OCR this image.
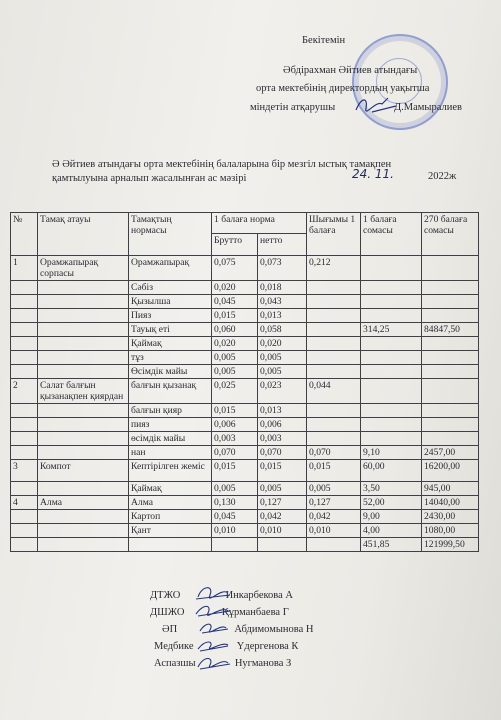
Бекітемін
Әбдірахман Әйтиев атындағы
орта мектебінің директордың уақытша
міндетін атқарушы	Д.Мамыралиев
Ә Әйтиев атындағы орта мектебінің балаларына бір мезгіл ыстық тамақпен
қамтылуына арналып жасалынған ас мәзірі	24. 11.	2022ж
№	Тамақ атауы	Тамақтың нормасы	1 балаға норма		Шығымы 1 балаға	1 балаға сомасы	270 балаға сомасы
			Брутто	нетто			
1	Орамжапырақ сорпасы	Орамжапырақ	0,075	0,073	0,212		
		Сәбіз	0,020	0,018			
		Қызылша	0,045	0,043			
		Пияз	0,015	0,013			
		Тауық еті	0,060	0,058		314,25	84847,50
		Қаймақ	0,020	0,020			
		тұз	0,005	0,005			
		Өсімдік майы	0,005	0,005			
2	Салат балғын қызанақпен қиярдан	балғын қызанақ	0,025	0,023	0,044		
		балғын қияр	0,015	0,013			
		пияз	0,006	0,006			
		өсімдік майы	0,003	0,003			
		нан	0,070	0,070	0,070	9,10	2457,00
3	Компот	Кептірілген жеміс	0,015	0,015	0,015	60,00	16200,00
		Қаймақ	0,005	0,005	0,005	3,50	945,00
4	Алма	Алма	0,130	0,127	0,127	52,00	14040,00
		Картоп	0,045	0,042	0,042	9,00	2430,00
		Қант	0,010	0,010	0,010	4,00	1080,00
						451,85	121999,50
ДТЖО	Инкарбекова А
ДШЖО	Құрманбаева Г
ӘП	Абдимомынова Н
Медбике	Үдергенова К
Аспазшы	Нугманова З
